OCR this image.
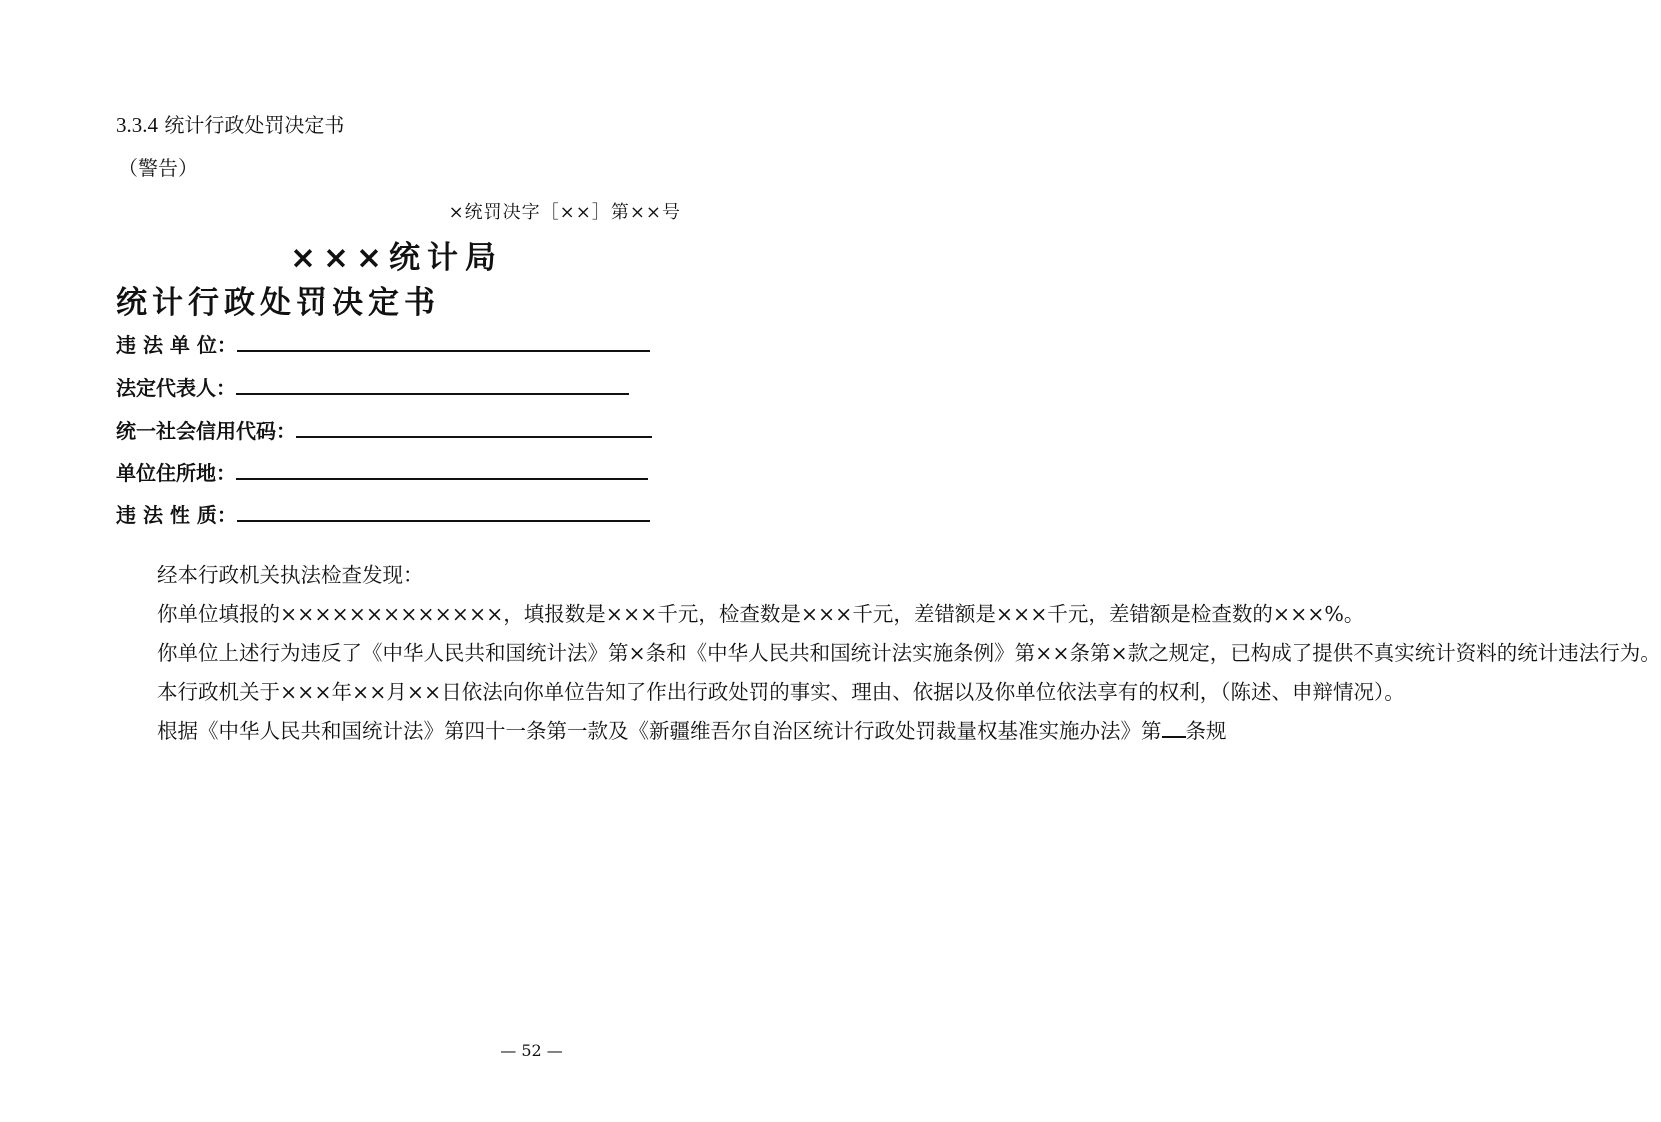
3.3.4 统计行政处罚决定书
（警告）
×统罚决字［××］第××号
×××统计局
统计行政处罚决定书
违 法 单 位：
法定代表人：
统一社会信用代码：
单位住所地：
违 法 性 质：

经本行政机关执法检查发现：

你单位填报的×××××××××××××，填报数是×××千元，检查数是×××千元，差错额是×××千元，差错额是检查数的×××%。

你单位上述行为违反了《中华人民共和国统计法》第×条和《中华人民共和国统计法实施条例》第××条第×款之规定，已构成了提供不真实统计资料的统计违法行为。

本行政机关于×××年××月××日依法向你单位告知了作出行政处罚的事实、理由、依据以及你单位依法享有的权利，（陈述、申辩情况）。

根据《中华人民共和国统计法》第四十一条第一款及《新疆维吾尔自治区统计行政处罚裁量权基准实施办法》第 条规

— 52 —
